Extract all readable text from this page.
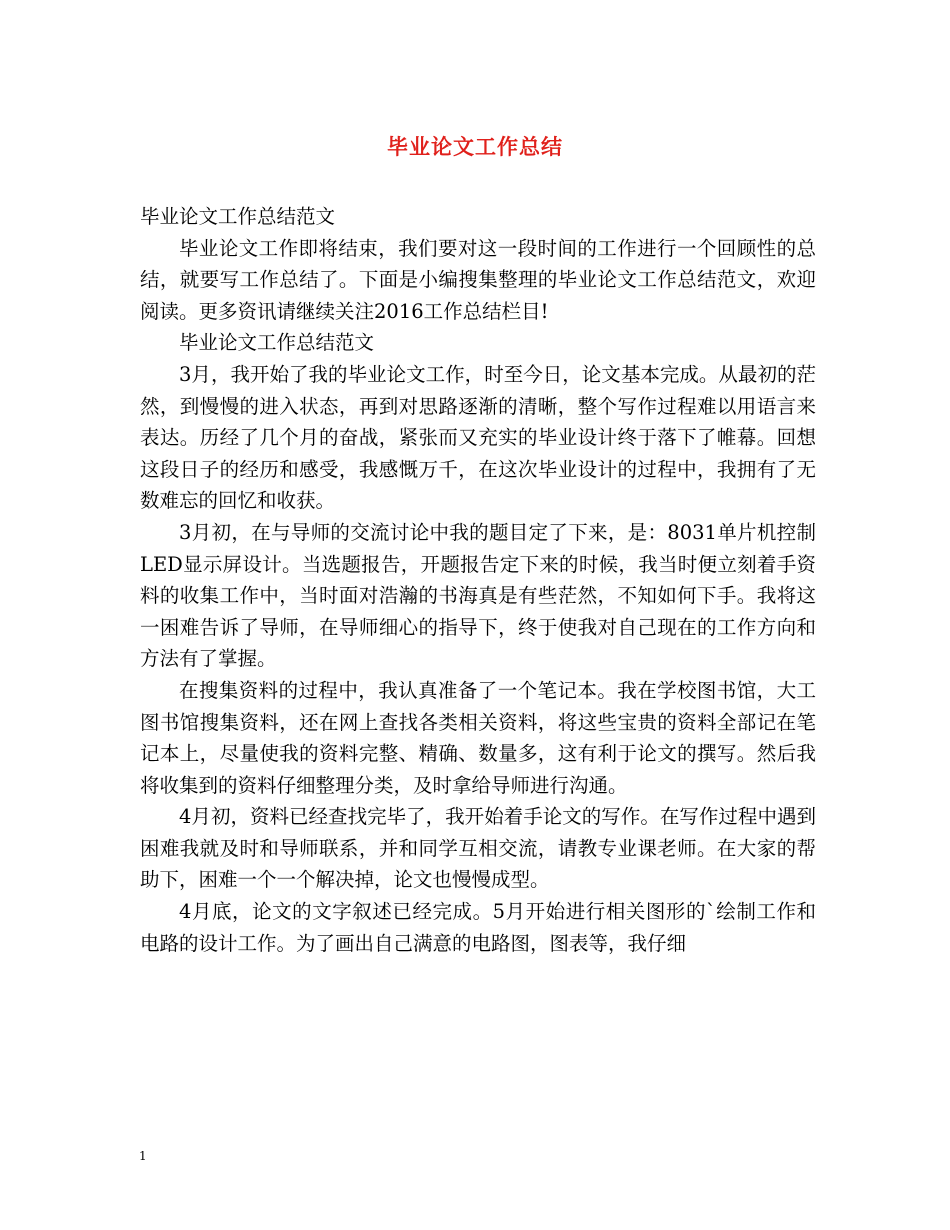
毕业论文工作总结

毕业论文工作总结范文

毕业论文工作即将结束，我们要对这一段时间的工作进行一个回顾性的总结，就要写工作总结了。下面是小编搜集整理的毕业论文工作总结范文，欢迎阅读。更多资讯请继续关注2016工作总结栏目!

毕业论文工作总结范文

3月，我开始了我的毕业论文工作，时至今日，论文基本完成。从最初的茫然，到慢慢的进入状态，再到对思路逐渐的清晰，整个写作过程难以用语言来表达。历经了几个月的奋战，紧张而又充实的毕业设计终于落下了帷幕。回想这段日子的经历和感受，我感慨万千，在这次毕业设计的过程中，我拥有了无数难忘的回忆和收获。

3月初，在与导师的交流讨论中我的题目定了下来，是：8031单片机控制LED显示屏设计。当选题报告，开题报告定下来的时候，我当时便立刻着手资料的收集工作中，当时面对浩瀚的书海真是有些茫然，不知如何下手。我将这一困难告诉了导师，在导师细心的指导下，终于使我对自己现在的工作方向和方法有了掌握。

在搜集资料的过程中，我认真准备了一个笔记本。我在学校图书馆，大工图书馆搜集资料，还在网上查找各类相关资料，将这些宝贵的资料全部记在笔记本上，尽量使我的资料完整、精确、数量多，这有利于论文的撰写。然后我将收集到的资料仔细整理分类，及时拿给导师进行沟通。

4月初，资料已经查找完毕了，我开始着手论文的写作。在写作过程中遇到困难我就及时和导师联系，并和同学互相交流，请教专业课老师。在大家的帮助下，困难一个一个解决掉，论文也慢慢成型。

4月底，论文的文字叙述已经完成。5月开始进行相关图形的`绘制工作和电路的设计工作。为了画出自己满意的电路图，图表等，我仔细

1
